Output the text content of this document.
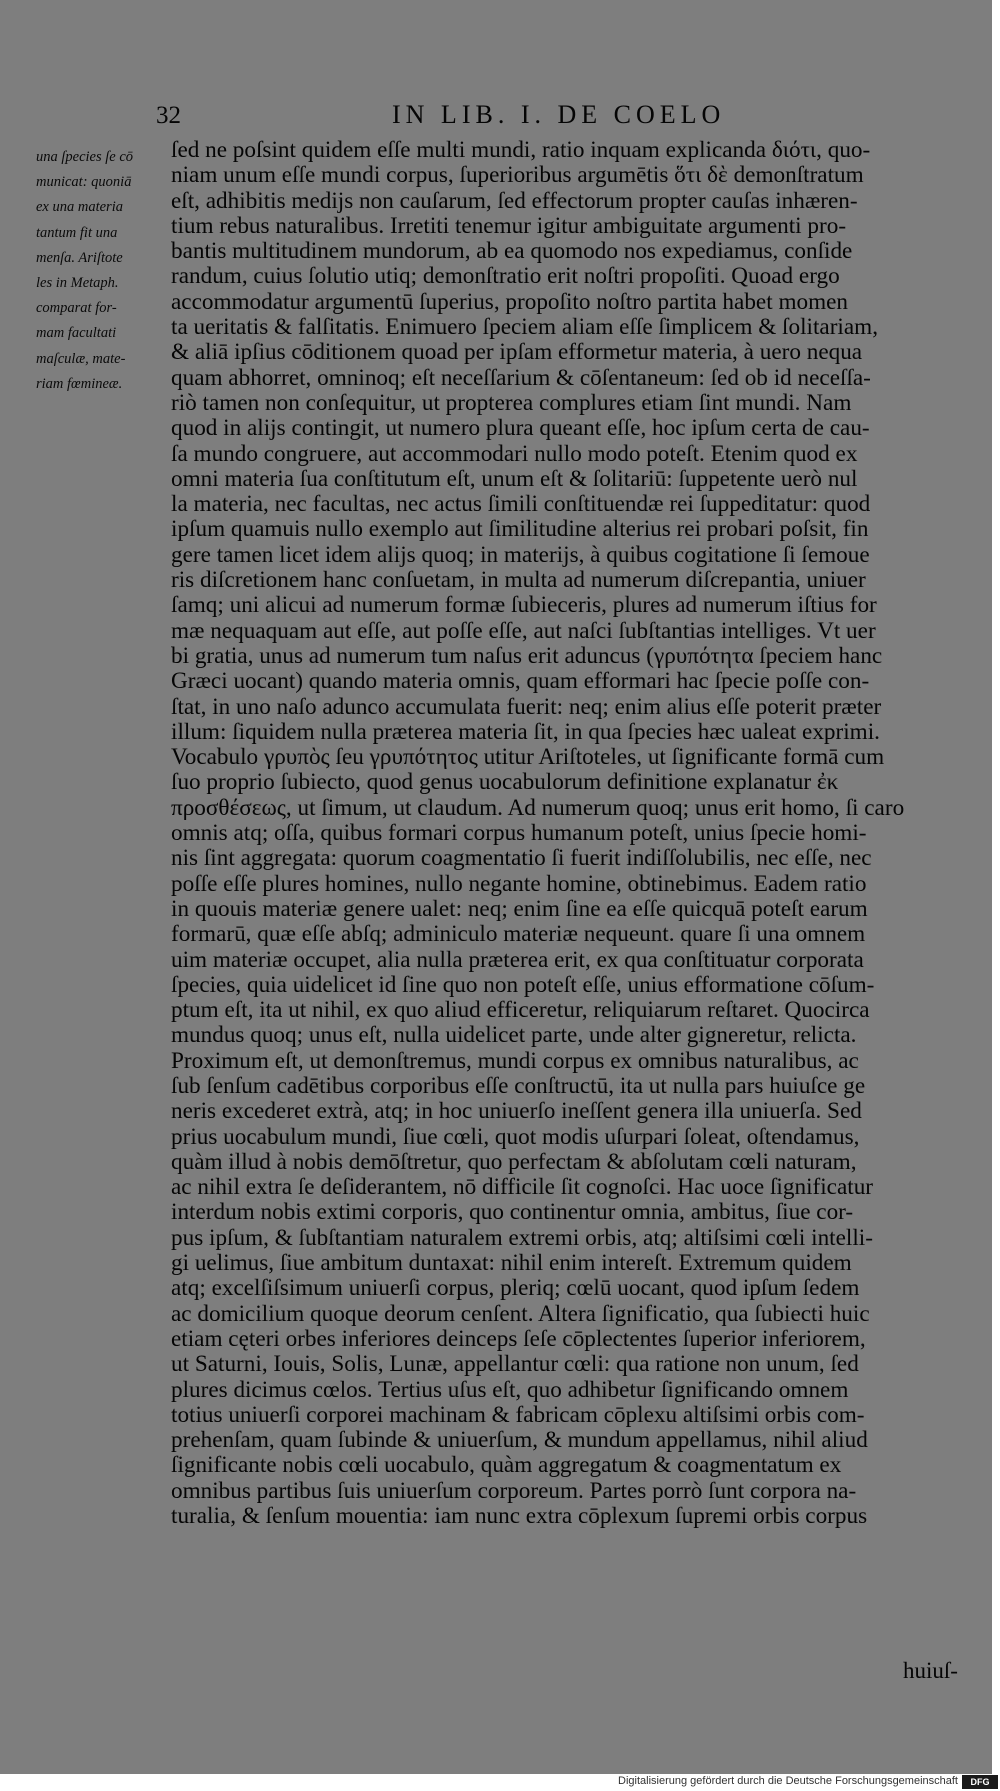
32	IN LIB. I. DE COELO
una ſpecies ſe cō
municat: quoniā
ex una materia
tantum fit una
menſa. Ariſtote
les in Metaph.
comparat for-
mam facultati
maſculæ, mate-
riam fœmineæ.
ſed ne poſsint quidem eſſe multi mundi, ratio inquam explicanda διότι, quo-
niam unum eſſe mundi corpus, ſuperioribus argumētis ὅτι δὲ demonſtratum
eſt, adhibitis medijs non cauſarum, ſed effectorum propter cauſas inhæren-
tium rebus naturalibus. Irretiti tenemur igitur ambiguitate argumenti pro-
bantis multitudinem mundorum, ab ea quomodo nos expediamus, conſide
randum, cuius ſolutio utiq; demonſtratio erit noſtri propoſiti. Quoad ergo
accommodatur argumentū ſuperius, propoſito noſtro partita habet momen
ta ueritatis & falſitatis. Enimuero ſpeciem aliam eſſe ſimplicem & ſolitariam,
& aliā ipſius cōditionem quoad per ipſam efformetur materia, à uero nequa
quam abhorret, omninoq; eſt neceſſarium & cōſentaneum: ſed ob id neceſſa-
riò tamen non conſequitur, ut propterea complures etiam ſint mundi. Nam
quod in alijs contingit, ut numero plura queant eſſe, hoc ipſum certa de cau-
ſa mundo congruere, aut accommodari nullo modo poteſt. Etenim quod ex
omni materia ſua conſtitutum eſt, unum eſt & ſolitariū: ſuppetente uerò nul
la materia, nec facultas, nec actus ſimili conſtituendæ rei ſuppeditatur: quod
ipſum quamuis nullo exemplo aut ſimilitudine alterius rei probari poſsit, fin
gere tamen licet idem alijs quoq; in materijs, à quibus cogitatione ſi ſemoue
ris diſcretionem hanc conſuetam, in multa ad numerum diſcrepantia, uniuer
ſamq; uni alicui ad numerum formæ ſubieceris, plures ad numerum iſtius for
mæ nequaquam aut eſſe, aut poſſe eſſe, aut naſci ſubſtantias intelliges. Vt uer
bi gratia, unus ad numerum tum naſus erit aduncus (γρυπότητα ſpeciem hanc
Græci uocant) quando materia omnis, quam efformari hac ſpecie poſſe con-
ſtat, in uno naſo adunco accumulata fuerit: neq; enim alius eſſe poterit præter
illum: ſiquidem nulla præterea materia ſit, in qua ſpecies hæc ualeat exprimi.
Vocabulo γρυπὸς ſeu γρυπότητος utitur Ariſtoteles, ut ſignificante formā cum
ſuo proprio ſubiecto, quod genus uocabulorum definitione explanatur ἐκ
προσθέσεως, ut ſimum, ut claudum. Ad numerum quoq; unus erit homo, ſi caro
omnis atq; oſſa, quibus formari corpus humanum poteſt, unius ſpecie homi-
nis ſint aggregata: quorum coagmentatio ſi fuerit indiſſolubilis, nec eſſe, nec
poſſe eſſe plures homines, nullo negante homine, obtinebimus. Eadem ratio
in quouis materiæ genere ualet: neq; enim ſine ea eſſe quicquā poteſt earum
formarū, quæ eſſe abſq; adminiculo materiæ nequeunt. quare ſi una omnem
uim materiæ occupet, alia nulla præterea erit, ex qua conſtituatur corporata
ſpecies, quia uidelicet id ſine quo non poteſt eſſe, unius efformatione cōſum-
ptum eſt, ita ut nihil, ex quo aliud efficeretur, reliquiarum reſtaret. Quocirca
mundus quoq; unus eſt, nulla uidelicet parte, unde alter gigneretur, relicta.
Proximum eſt, ut demonſtremus, mundi corpus ex omnibus naturalibus, ac
ſub ſenſum cadētibus corporibus eſſe conſtructū, ita ut nulla pars huiuſce ge
neris excederet extrà, atq; in hoc uniuerſo ineſſent genera illa uniuerſa. Sed
prius uocabulum mundi, ſiue cœli, quot modis uſurpari ſoleat, oſtendamus,
quàm illud à nobis demōſtretur, quo perfectam & abſolutam cœli naturam,
ac nihil extra ſe deſiderantem, nō difficile ſit cognoſci. Hac uoce ſignificatur
interdum nobis extimi corporis, quo continentur omnia, ambitus, ſiue cor-
pus ipſum, & ſubſtantiam naturalem extremi orbis, atq; altiſsimi cœli intelli-
gi uelimus, ſiue ambitum duntaxat: nihil enim intereſt. Extremum quidem
atq; excelſiſsimum uniuerſi corpus, pleriq; cœlū uocant, quod ipſum ſedem
ac domicilium quoque deorum cenſent. Altera ſignificatio, qua ſubiecti huic
etiam cęteri orbes inferiores deinceps ſeſe cōplectentes ſuperior inferiorem,
ut Saturni, Iouis, Solis, Lunæ, appellantur cœli: qua ratione non unum, ſed
plures dicimus cœlos. Tertius uſus eſt, quo adhibetur ſignificando omnem
totius uniuerſi corporei machinam & fabricam cōplexu altiſsimi orbis com-
prehenſam, quam ſubinde & uniuerſum, & mundum appellamus, nihil aliud
ſignificante nobis cœli uocabulo, quàm aggregatum & coagmentatum ex
omnibus partibus ſuis uniuerſum corporeum. Partes porrò ſunt corpora na-
turalia, & ſenſum mouentia: iam nunc extra cōplexum ſupremi orbis corpus
huiuſ-
Digitalisierung gefördert durch die Deutsche Forschungsgemeinschaft	DFG
